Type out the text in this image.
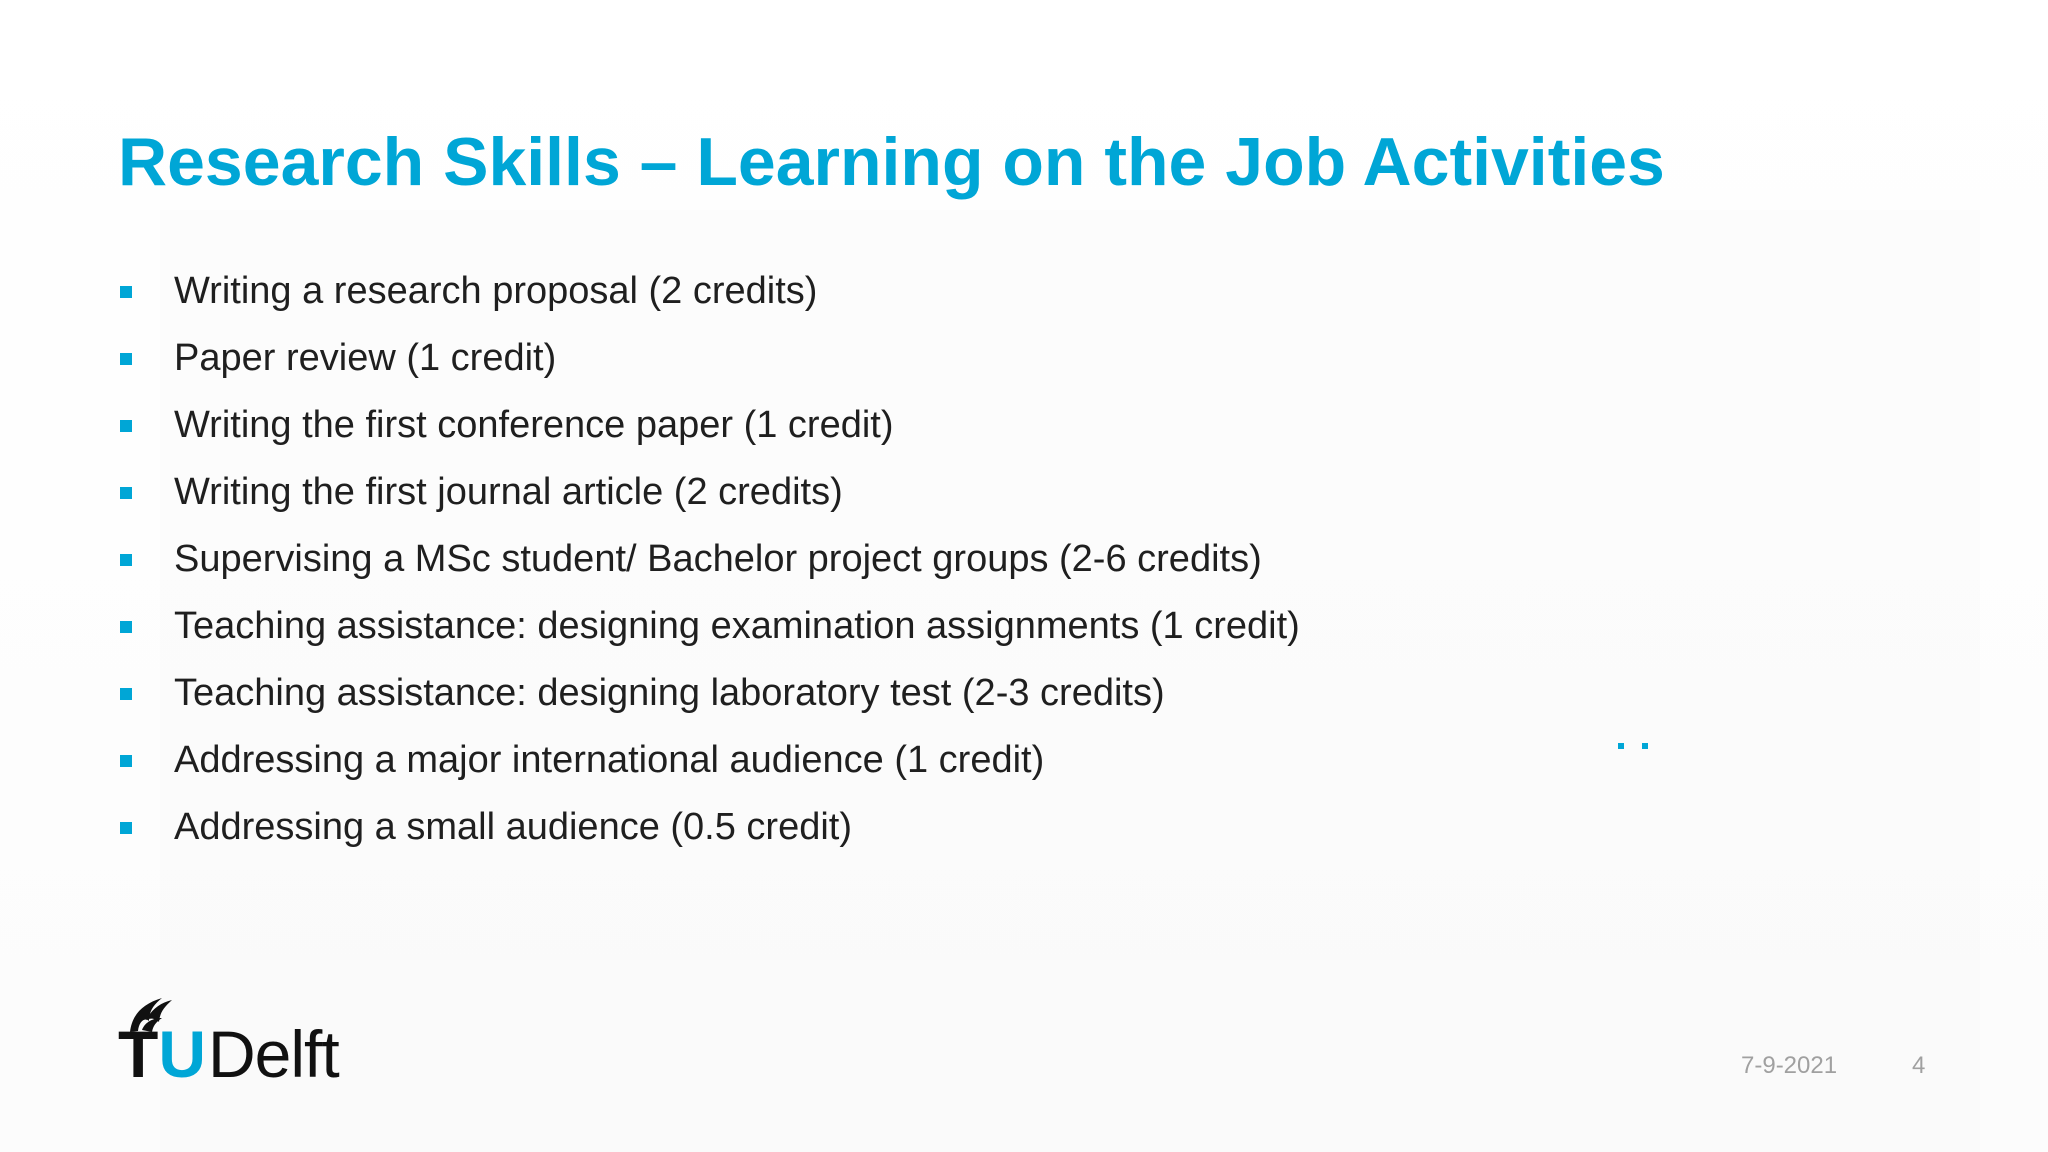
Research Skills – Learning on the Job Activities
Writing a research proposal (2 credits)
Paper review (1 credit)
Writing the first conference paper (1 credit)
Writing the first journal article (2 credits)
Supervising a MSc student/ Bachelor project groups (2-6 credits)
Teaching assistance: designing examination assignments (1 credit)
Teaching assistance: designing laboratory test (2-3 credits)
Addressing a major international audience (1 credit)
Addressing a small audience (0.5 credit)
T U Delft	7-9-2021	4
